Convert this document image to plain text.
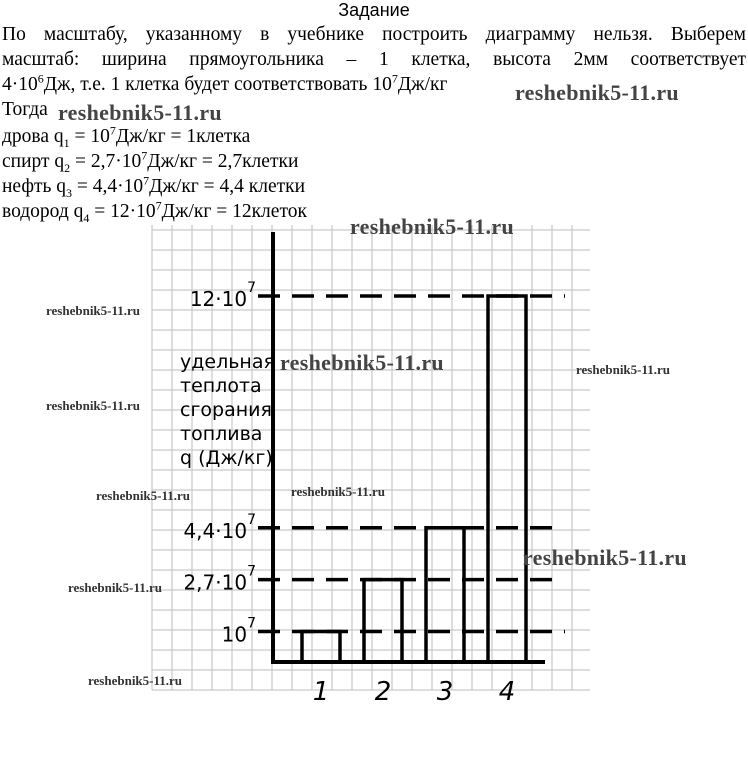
Задание
По масштабу, указанному в учебнике построить диаграмму нельзя. Выберем
масштаб: ширина прямоугольника – 1 клетка, высота 2мм соответствует
$4\cdot 10^6Дж$, т.е. 1 клетка будет соответствовать $10^7Дж/кг$
Тогда
дрова $q_1 = 10^7Дж/кг$ = 1клетка
спирт $q_2 = 2,7\cdot 10^7Дж/кг$ = 2,7клетки
нефть $q_3 = 4,4\cdot 10^7Дж/кг = 4,4$ клетки
водород $q_4 = 12\cdot 10^7Дж/кг$ = 12клеток
1 2 3 4
$10^7$
$2,7\cdot 10^7$
$4,4\cdot 10^7$
$12\cdot 10^7$
удельная
теплота
сгорания
топлива
q (Дж/кг)
reshebnik5-11.ru
reshebnik5-11.ru
reshebnik5-11.ru
reshebnik5-11.ru
reshebnik5-11.ru
reshebnik5-11.ru
reshebnik5-11.ru
reshebnik5-11.ru
reshebnik5-11.ru	reshebnik5-11.ru
reshebnik5-11.ru
reshebnik5-11.ru
